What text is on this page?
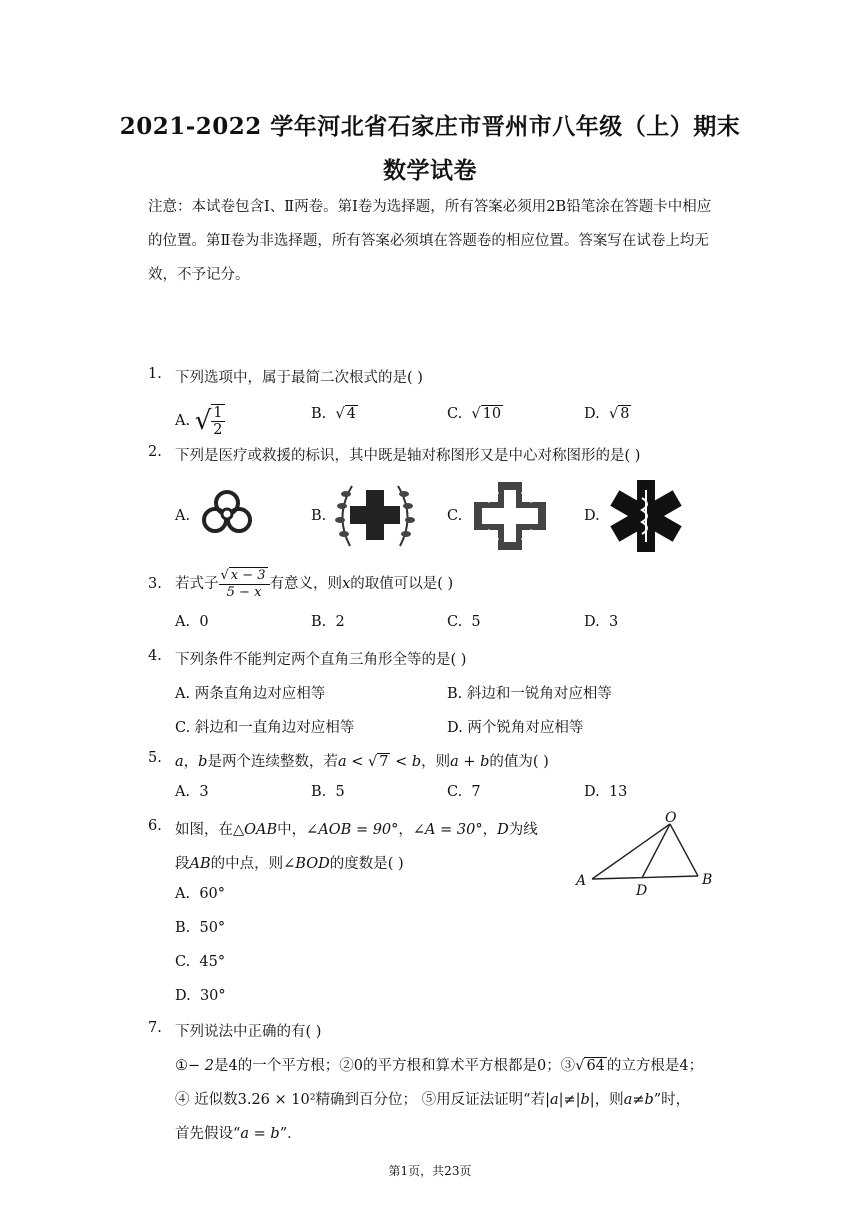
2021-2022 学年河北省石家庄市晋州市八年级（上）期末
数学试卷
注意：本试卷包含Ⅰ、Ⅱ两卷。第Ⅰ卷为选择题，所有答案必须用2B铅笔涂在答题卡中相应的位置。第Ⅱ卷为非选择题，所有答案必须填在答题卷的相应位置。答案写在试卷上均无效，不予记分。
1. 下列选项中，属于最简二次根式的是( )
A. √ $\frac{1}{2}$	B. √ 4	C. √ 10	D. √ 8
2. 下列是医疗或救援的标识，其中既是轴对称图形又是中心对称图形的是( )
A.	B.	C.	D.
3. 若式子 $\frac{√ x - 3}{5 - x}$ 有意义，则x的取值可以是( )
A. 0	B. 2	C. 5	D. 3
4. 下列条件不能判定两个直角三角形全等的是( )
A. 两条直角边对应相等	B. 斜边和一锐角对应相等
C. 斜边和一直角边对应相等	D. 两个锐角对应相等
5. a，b是两个连续整数，若a < √ 7 < b，则a + b的值为( )
A. 3	B. 5	C. 7	D. 13
6. 如图，在△OAB中，∠AOB = 90°，∠A = 30°，D为线
段AB的中点，则∠BOD的度数是( )
A. 60°
B. 50°
C. 45°
D. 30°
O
A	B
D
7. 下列说法中正确的有( )
①− 2是4的一个平方根；②0的平方根和算术平方根都是0；③√ 64 的立方根是4；
④ 近似数3.26 × 10²精确到百分位； ⑤用反证法证明“若|a|≠|b|，则a≠b”时，
首先假设“a = b”．
第1页，共23页
